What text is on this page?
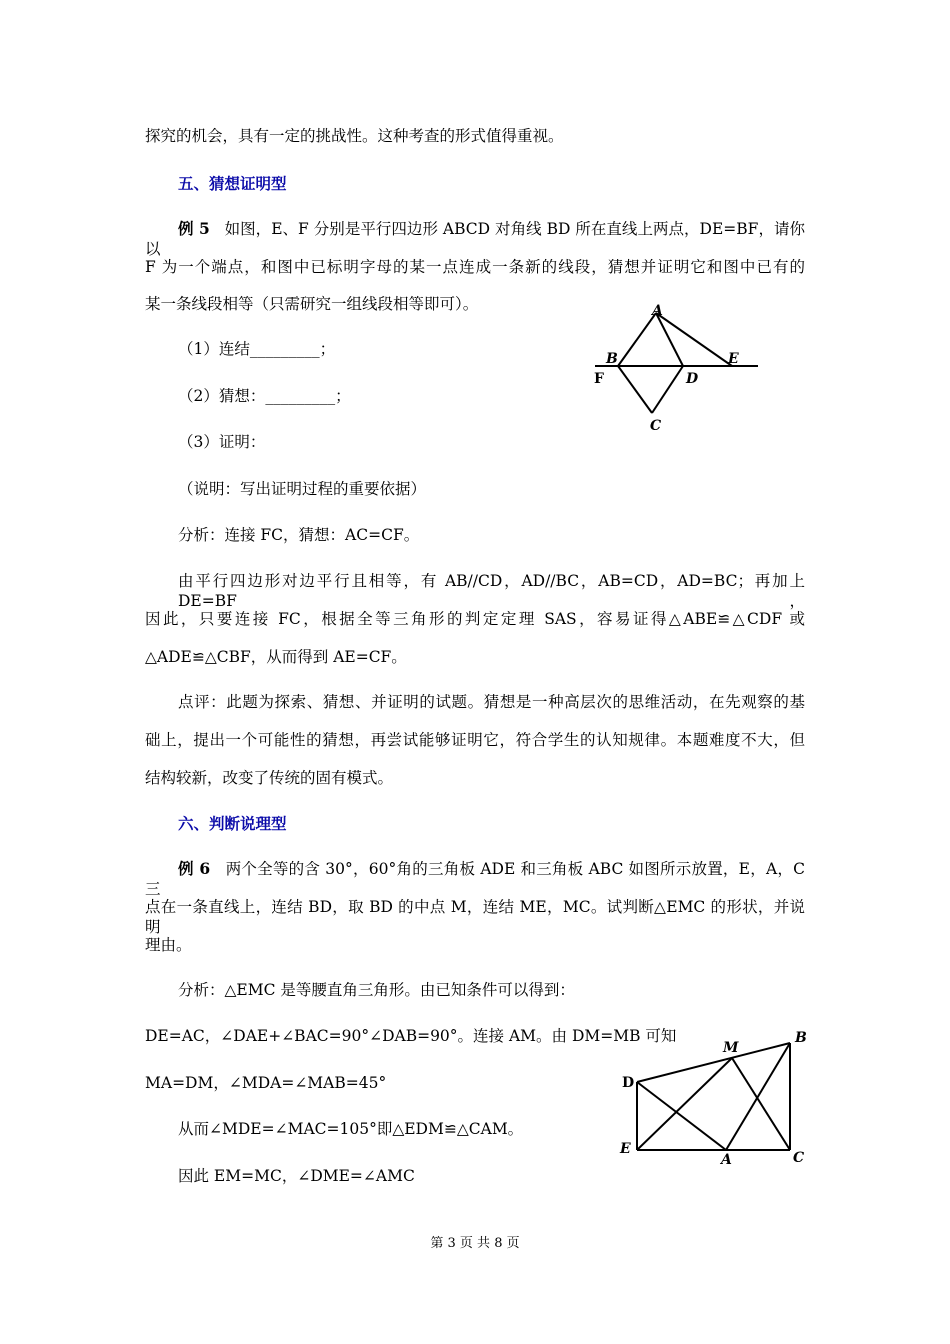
探究的机会，具有一定的挑战性。这种考查的形式值得重视。
五、猜想证明型
例 5 如图，E、F 分别是平行四边形 ABCD 对角线 BD 所在直线上两点，DE=BF，请你以
F 为一个端点，和图中已标明字母的某一点连成一条新的线段，猜想并证明它和图中已有的
某一条线段相等（只需研究一组线段相等即可）。
（1）连结_________；
（2）猜想：_________；
（3）证明：
（说明：写出证明过程的重要依据）
分析：连接 FC，猜想：AC=CF。
由平行四边形对边平行且相等，有 AB//CD，AD//BC，AB=CD，AD=BC；再加上 DE=BF，
因此，只要连接 FC，根据全等三角形的判定定理 SAS，容易证得△ABE≌△CDF 或
△ADE≌△CBF，从而得到 AE=CF。
点评：此题为探索、猜想、并证明的试题。猜想是一种高层次的思维活动，在先观察的基
础上，提出一个可能性的猜想，再尝试能够证明它，符合学生的认知规律。本题难度不大，但
结构较新，改变了传统的固有模式。
A
B
F	D
E
C
六、判断说理型
例 6 两个全等的含 30°，60°角的三角板 ADE 和三角板 ABC 如图所示放置，E，A，C 三
点在一条直线上，连结 BD，取 BD 的中点 M，连结 ME，MC。试判断△EMC 的形状，并说明
理由。
分析：△EMC 是等腰直角三角形。由已知条件可以得到：
DE=AC，∠DAE+∠BAC=90°∠DAB=90°。连接 AM。由 DM=MB 可知
MA=DM，∠MDA=∠MAB=45°
从而∠MDE=∠MAC=105°即△EDM≌△CAM。
因此 EM=MC，∠DME=∠AMC
M
B
D
E
A	C
第 3 页 共 8 页
